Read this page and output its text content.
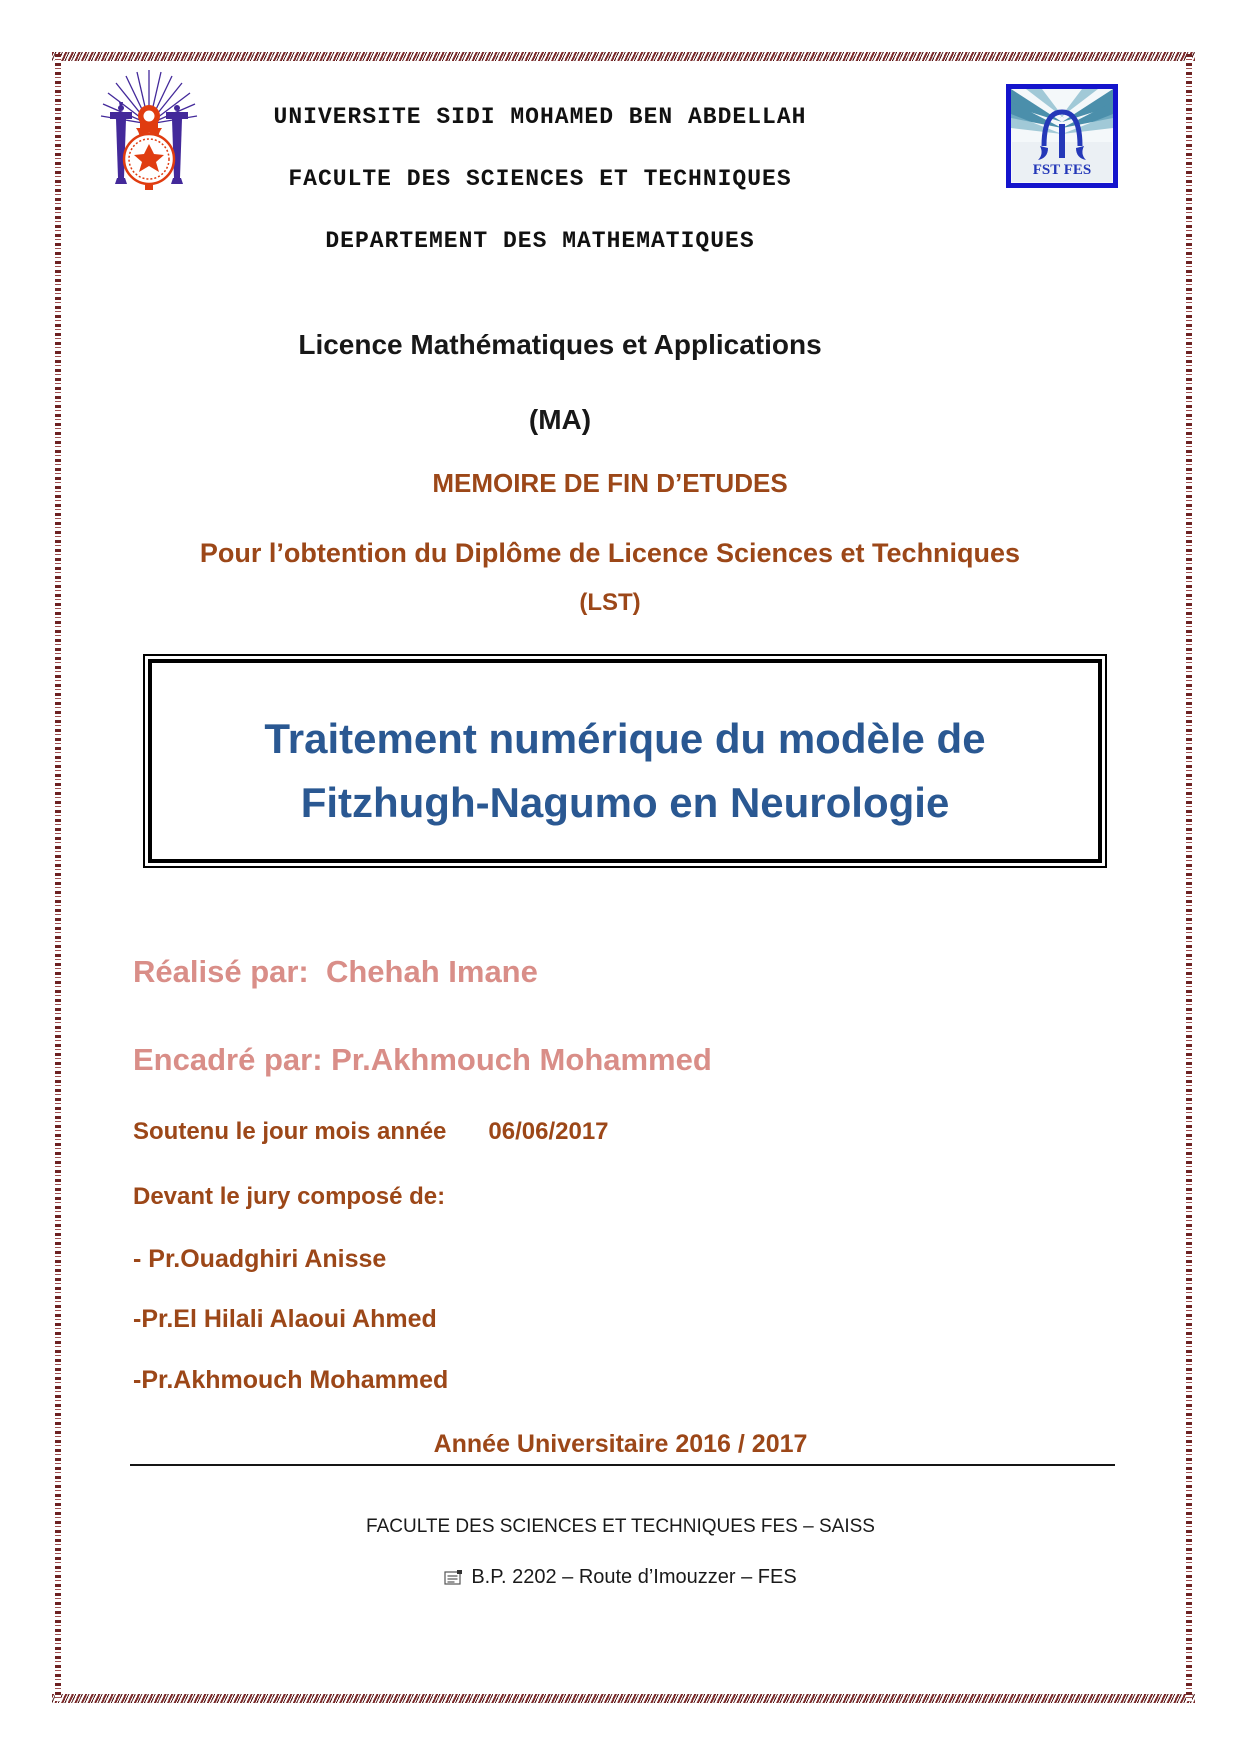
FST FES
UNIVERSITE SIDI MOHAMED BEN ABDELLAH
FACULTE DES SCIENCES ET TECHNIQUES
DEPARTEMENT DES MATHEMATIQUES
Licence Mathématiques et Applications
(MA)
MEMOIRE DE FIN D’ETUDES
Pour l’obtention du Diplôme de Licence Sciences et Techniques
(LST)
Traitement numérique du modèle de
Fitzhugh-Nagumo en Neurologie
Réalisé par:  Chehah Imane
Encadré par: Pr.Akhmouch Mohammed
Soutenu le jour mois année 06/06/2017
Devant le jury composé de:
- Pr.Ouadghiri Anisse
-Pr.El Hilali Alaoui Ahmed
-Pr.Akhmouch Mohammed
Année Universitaire 2016 / 2017
FACULTE DES SCIENCES ET TECHNIQUES FES – SAISS
B.P. 2202 – Route d’Imouzzer – FES
